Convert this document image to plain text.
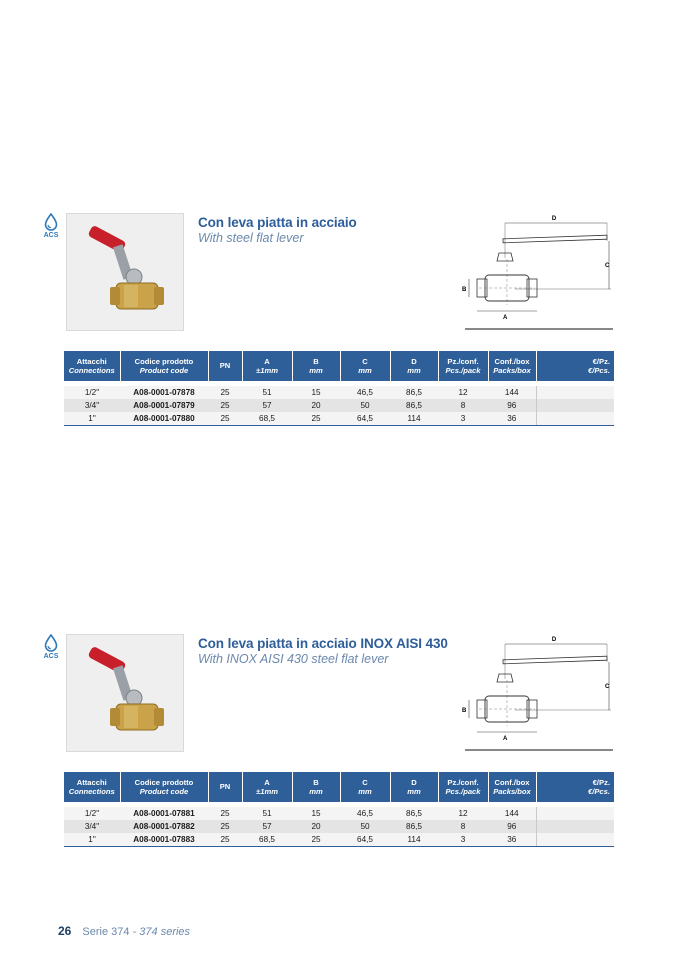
ACS
Con leva piatta in acciaio
With steel flat lever
D
C
B
A
Attacchi
Connections	Codice prodotto
Product code	PN	A
±1mm	B
mm	C
mm	D
mm	Pz./conf.
Pcs./pack	Conf./box
Packs/box	€/Pz.
€/Pcs.

1/2"	A08-0001-07878	25	51	15	46,5	86,5	12	144	
3/4"	A08-0001-07879	25	57	20	50	86,5	8	96	
1"	A08-0001-07880	25	68,5	25	64,5	114	3	36	
ACS
Con leva piatta in acciaio INOX AISI 430
With INOX AISI 430 steel flat lever
D
C
B
A
Attacchi
Connections	Codice prodotto
Product code	PN	A
±1mm	B
mm	C
mm	D
mm	Pz./conf.
Pcs./pack	Conf./box
Packs/box	€/Pz.
€/Pcs.

1/2"	A08-0001-07881	25	51	15	46,5	86,5	12	144	
3/4"	A08-0001-07882	25	57	20	50	86,5	8	96	
1"	A08-0001-07883	25	68,5	25	64,5	114	3	36	
26 Serie 374 - 374 series
